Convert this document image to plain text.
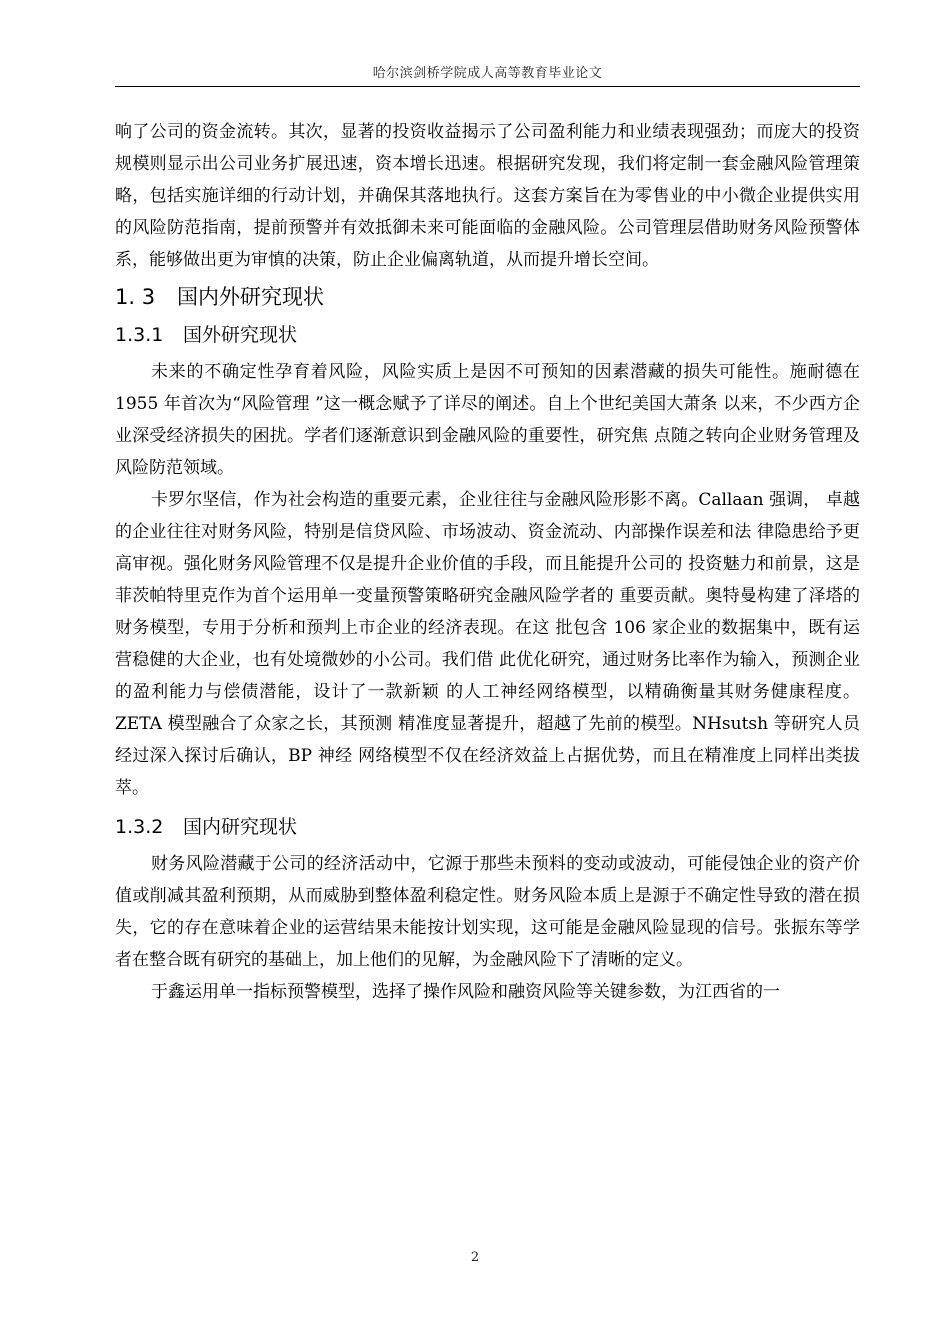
哈尔滨剑桥学院成人高等教育毕业论文

响了公司的资金流转。其次，显著的投资收益揭示了公司盈利能力和业绩表现强劲；而庞大的投资规模则显示出公司业务扩展迅速，资本增长迅速。根据研究发现，我们将定制一套金融风险管理策略，包括实施详细的行动计划，并确保其落地执行。这套方案旨在为零售业的中小微企业提供实用的风险防范指南，提前预警并有效抵御未来可能面临的金融风险。公司管理层借助财务风险预警体系，能够做出更为审慎的决策，防止企业偏离轨道，从而提升增长空间。

1. 3 国内外研究现状
1.3.1 国外研究现状

未来的不确定性孕育着风险，风险实质上是因不可预知的因素潜藏的损失可能性。施耐德在 1955 年首次为“风险管理 ”这一概念赋予了详尽的阐述。自上个世纪美国大萧条 以来，不少西方企业深受经济损失的困扰。学者们逐渐意识到金融风险的重要性，研究焦 点随之转向企业财务管理及风险防范领域。

卡罗尔坚信，作为社会构造的重要元素，企业往往与金融风险形影不离。Callaan 强调， 卓越的企业往往对财务风险，特别是信贷风险、市场波动、资金流动、内部操作误差和法 律隐患给予更高审视。强化财务风险管理不仅是提升企业价值的手段，而且能提升公司的 投资魅力和前景，这是菲茨帕特里克作为首个运用单一变量预警策略研究金融风险学者的 重要贡献。奥特曼构建了泽塔的财务模型，专用于分析和预判上市企业的经济表现。在这 批包含 106 家企业的数据集中，既有运营稳健的大企业，也有处境微妙的小公司。我们借 此优化研究，通过财务比率作为输入，预测企业的盈利能力与偿债潜能，设计了一款新颖 的人工神经网络模型，以精确衡量其财务健康程度。ZETA 模型融合了众家之长，其预测 精准度显著提升，超越了先前的模型。NHsutsh 等研究人员经过深入探讨后确认，BP 神经 网络模型不仅在经济效益上占据优势，而且在精准度上同样出类拔萃。

1.3.2 国内研究现状

财务风险潜藏于公司的经济活动中，它源于那些未预料的变动或波动，可能侵蚀企业的资产价值或削减其盈利预期，从而威胁到整体盈利稳定性。财务风险本质上是源于不确定性导致的潜在损失，它的存在意味着企业的运营结果未能按计划实现，这可能是金融风险显现的信号。张振东等学者在整合既有研究的基础上，加上他们的见解，为金融风险下了清晰的定义。

于鑫运用单一指标预警模型，选择了操作风险和融资风险等关键参数，为江西省的一

2
